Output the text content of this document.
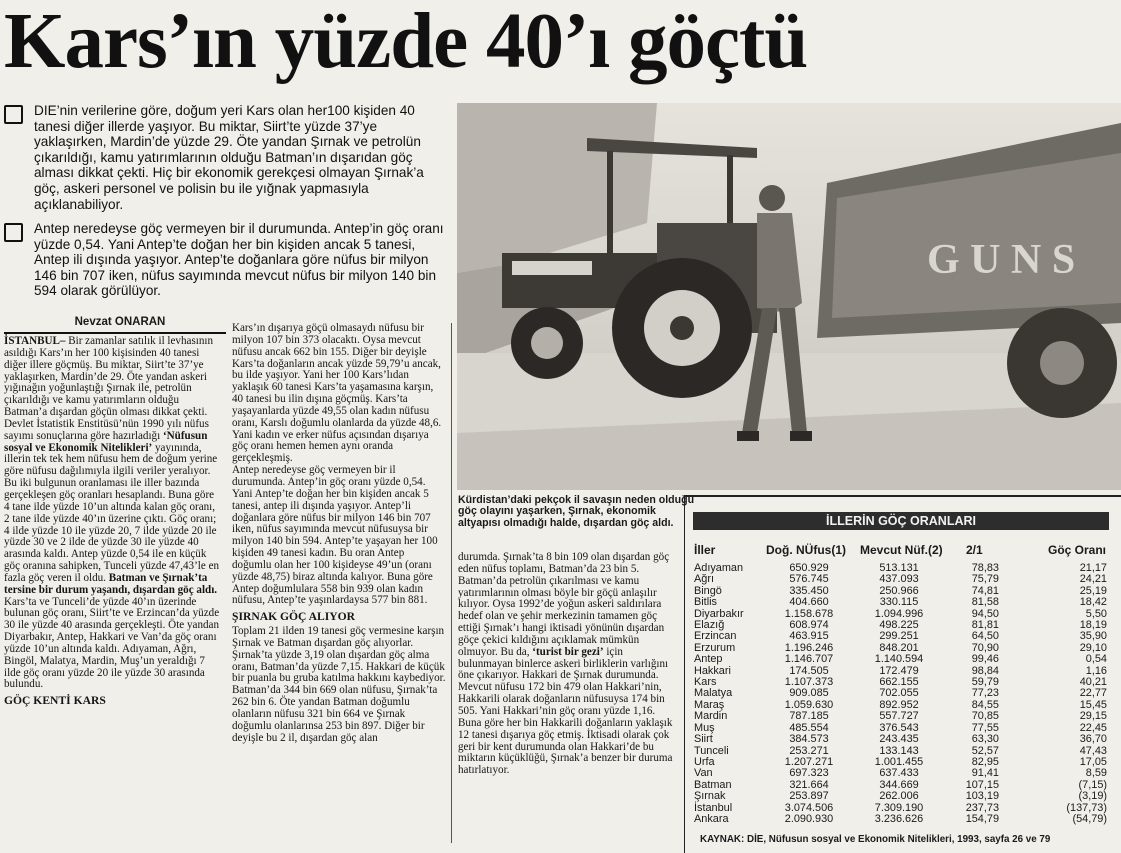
Kars’ın yüzde 40’ı göçtü
DIE’nin verilerine göre, doğum yeri Kars olan her100 kişiden 40 tanesi diğer illerde yaşıyor. Bu miktar, Siirt’te yüzde 37’ye yaklaşırken, Mardin’de yüzde 29. Öte yandan Şırnak ve petrolün çıkarıldığı, kamu yatırımlarının olduğu Batman’ın dışarıdan göç alması dikkat çekti. Hiç bir ekonomik gerekçesi olmayan Şırnak’a göç, askeri personel ve polisin bu ile yığnak yapmasıyla açıklanabiliyor.
Antep neredeyse göç vermeyen bir il durumunda. Antep’in göç oranı yüzde 0,54. Yani Antep’te doğan her bin kişiden ancak 5 tanesi, Antep ili dışında yaşıyor. Antep’te doğanlara göre nüfus bir milyon 146 bin 707 iken, nüfus sayımında mevcut nüfus bir milyon 140 bin 594 olarak görülüyor.
Nevzat ONARAN

İSTANBUL– Bir zamanlar satılık il levhasının asıldığı Kars’ın her 100 kişisinden 40 tanesi diğer illere göçmüş. Bu miktar, Siirt’te 37’ye yaklaşırken, Mardin’de 29. Öte yandan askeri yığınağın yoğunlaştığı Şırnak ile, petrolün çıkarıldığı ve kamu yatırımların olduğu Batman’a dışardan göçün olması dikkat çekti.

Devlet İstatistik Enstitüsü’nün 1990 yılı nüfus sayımı sonuçlarına göre hazırladığı ‘Nüfusun sosyal ve Ekonomik Nitelikleri’ yayınında, illerin tek tek hem nüfusu hem de doğum yerine göre nüfusu dağılımıyla ilgili veriler yeralıyor. Bu iki bulgunun oranlaması ile iller bazında gerçekleşen göç oranları hesaplandı. Buna göre 4 tane ilde yüzde 10’un altında kalan göç oranı, 2 tane ilde yüzde 40’ın üzerine çıktı. Göç oranı; 4 ilde yüzde 10 ile yüzde 20, 7 ilde yüzde 20 ile yüzde 30 ve 2 ilde de yüzde 30 ile yüzde 40 arasında kaldı. Antep yüzde 0,54 ile en küçük göç oranına sahipken, Tunceli yüzde 47,43’le en fazla göç veren il oldu. Batman ve Şırnak’ta tersine bir durum yaşandı, dışardan göç aldı.

Kars’ta ve Tunceli’de yüzde 40’ın üzerinde bulunan göç oranı, Siirt’te ve Erzincan’da yüzde 30 ile yüzde 40 arasında gerçekleşti. Öte yandan Diyarbakır, Antep, Hakkari ve Van’da göç oranı yüzde 10’un altında kaldı. Adıyaman, Ağrı, Bingöl, Malatya, Mardin, Muş’un yeraldığı 7 ilde göç oranı yüzde 20 ile yüzde 30 arasında bulundu.

GÖÇ KENTİ KARS

Kars’ın dışarıya göçü olmasaydı nüfusu bir milyon 107 bin 373 olacaktı. Oysa mevcut nüfusu ancak 662 bin 155. Diğer bir deyişle Kars’ta doğanların ancak yüzde 59,79’u ancak, bu ilde yaşıyor. Yani her 100 Kars’lıdan yaklaşık 60 tanesi Kars’ta yaşamasına karşın, 40 tanesi bu ilin dışına göçmüş. Kars’ta yaşayanlarda yüzde 49,55 olan kadın nüfusu oranı, Karslı doğumlu olanlarda da yüzde 48,6. Yani kadın ve erker nüfus açısından dışarıya göç oranı hemen hemen aynı oranda gerçekleşmiş.

Antep neredeyse göç vermeyen bir il durumunda. Antep’in göç oranı yüzde 0,54. Yani Antep’te doğan her bin kişiden ancak 5 tanesi, antep ili dışında yaşıyor. Antep’li doğanlara göre nüfus bir milyon 146 bin 707 iken, nüfus sayımında mevcut nüfusuysa bir milyon 140 bin 594. Antep’te yaşayan her 100 kişiden 49 tanesi kadın. Bu oran Antep doğumlu olan her 100 kişideyse 49’un (oranı yüzde 48,75) biraz altında kalıyor. Buna göre Antep doğumlulara 558 bin 939 olan kadın nüfusu, Antep’te yaşınlardaysa 577 bin 881.

ŞIRNAK GÖÇ ALIYOR

Toplam 21 ilden 19 tanesi göç vermesine karşın Şırnak ve Batman dışardan göç alıyorlar. Şırnak’ta yüzde 3,19 olan dışardan göç alma oranı, Batman’da yüzde 7,15. Hakkari de küçük bir puanla bu gruba katılma hakkını kaybediyor. Batman’da 344 bin 669 olan nüfusu, Şırnak’ta 262 bin 6. Öte yandan Batman doğumlu olanların nüfusu 321 bin 664 ve Şırnak doğumlu olanlarınsa 253 bin 897. Diğer bir deyişle bu 2 il, dışardan göç alan

G U N S
Kürdistan’daki pekçok il savaşın neden olduğu göç olayını yaşarken, Şırnak, ekonomik altyapısı olmadığı halde, dışardan göç aldı.

durumda. Şırnak’ta 8 bin 109 olan dışardan göç eden nüfus toplamı, Batman’da 23 bin 5. Batman’da petrolün çıkarılması ve kamu yatırımlarının olması böyle bir göçü anlaşılır kılıyor. Oysa 1992’de yoğun askeri saldırılara hedef olan ve şehir merkezinin tamamen göç ettiği Şırnak’ı hangi iktisadi yönünün dışardan göçe çekici kıldığını açıklamak mümkün olmuyor. Bu da, ‘turist bir gezi’ için bulunmayan binlerce askeri birliklerin varlığını öne çıkarıyor. Hakkari de Şırnak durumunda. Mevcut nüfusu 172 bin 479 olan Hakkari’nin, Hakkarili olarak doğanların nüfusuysa 174 bin 505. Yani Hakkari’nin göç oranı yüzde 1,16. Buna göre her bin Hakkarili doğanların yaklaşık 12 tanesi dışarıya göç etmiş. İktisadi olarak çok geri bir kent durumunda olan Hakkari’de bu miktarın küçüklüğü, Şırnak’a benzer bir duruma hatırlatıyor.

İLLERİN GÖÇ ORANLARI
İller	Doğ. NÜfus(1) Mevcut Nüf.(2) 2/1	Göç Oranı
Adıyaman	650.929	513.131	78,83	21,17
Ağrı	576.745	437.093	75,79	24,21
Bingö	335.450	250.966	74,81	25,19
Bitlis	404.660	330.115	81,58	18,42
Diyarbakır	1.158.678	1.094.996	94,50	5,50
Elazığ	608.974	498.225	81,81	18,19
Erzincan	463.915	299.251	64,50	35,90
Erzurum	1.196.246	848.201	70,90	29,10
Antep	1.146.707	1.140.594	99,46	0,54
Hakkari	174.505	172.479	98,84	1,16
Kars	1.107.373	662.155	59,79	40,21
Malatya	909.085	702.055	77,23	22,77
Maraş	1.059.630	892.952	84,55	15,45
Mardin	787.185	557.727	70,85	29,15
Muş	485.554	376.543	77,55	22,45
Siirt	384.573	243.435	63,30	36,70
Tunceli	253.271	133.143	52,57	47,43
Urfa	1.207.271	1.001.455	82,95	17,05
Van	697.323	637.433	91,41	8,59
Batman	321.664	344.669	107,15	(7,15)
Şırnak	253.897	262.006	103,19	(3,19)
İstanbul	3.074.506	7.309.190	237,73	(137,73)
Ankara	2.090.930	3.236.626	154,79	(54,79)
KAYNAK: DİE, Nüfusun sosyal ve Ekonomik Nitelikleri, 1993, sayfa 26 ve 79
